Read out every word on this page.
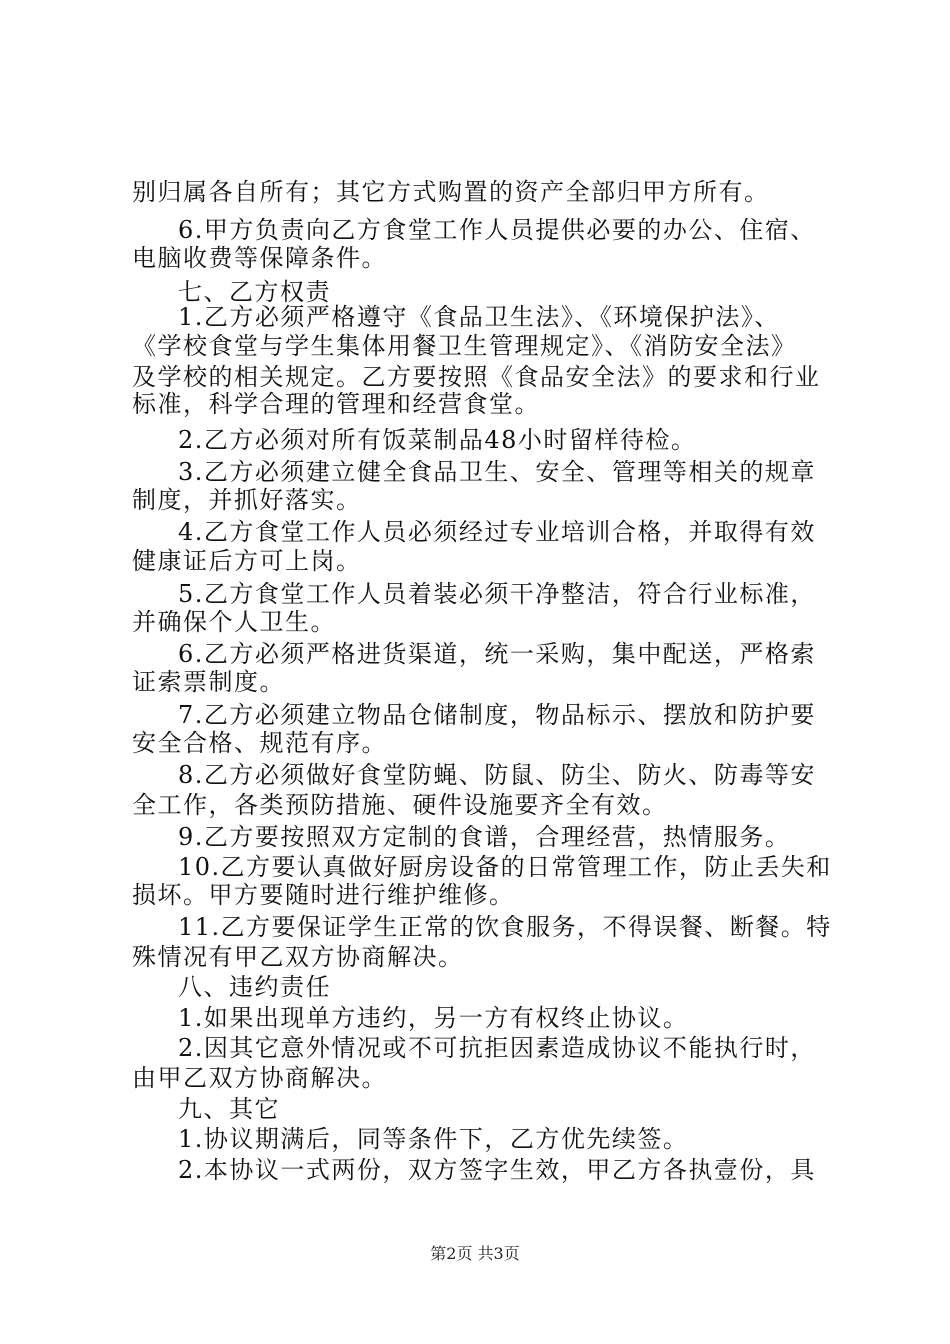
别归属各自所有；其它方式购置的资产全部归甲方所有。
6.甲方负责向乙方食堂工作人员提供必要的办公、住宿、
电脑收费等保障条件。
七、乙方权责
1.乙方必须严格遵守《食品卫生法》、《环境保护法》、
《学校食堂与学生集体用餐卫生管理规定》、《消防安全法》
及学校的相关规定。乙方要按照《食品安全法》的要求和行业
标准，科学合理的管理和经营食堂。
2.乙方必须对所有饭菜制品48小时留样待检。
3.乙方必须建立健全食品卫生、安全、管理等相关的规章
制度，并抓好落实。
4.乙方食堂工作人员必须经过专业培训合格，并取得有效
健康证后方可上岗。
5.乙方食堂工作人员着装必须干净整洁，符合行业标准，
并确保个人卫生。
6.乙方必须严格进货渠道，统一采购，集中配送，严格索
证索票制度。
7.乙方必须建立物品仓储制度，物品标示、摆放和防护要
安全合格、规范有序。
8.乙方必须做好食堂防蝇、防鼠、防尘、防火、防毒等安
全工作，各类预防措施、硬件设施要齐全有效。
9.乙方要按照双方定制的食谱，合理经营，热情服务。
10.乙方要认真做好厨房设备的日常管理工作，防止丢失和
损坏。甲方要随时进行维护维修。
11.乙方要保证学生正常的饮食服务，不得误餐、断餐。特
殊情况有甲乙双方协商解决。
八、违约责任
1.如果出现单方违约，另一方有权终止协议。
2.因其它意外情况或不可抗拒因素造成协议不能执行时，
由甲乙双方协商解决。
九、其它
1.协议期满后，同等条件下，乙方优先续签。
2.本协议一式两份，双方签字生效，甲乙方各执壹份，具
第2页 共3页
